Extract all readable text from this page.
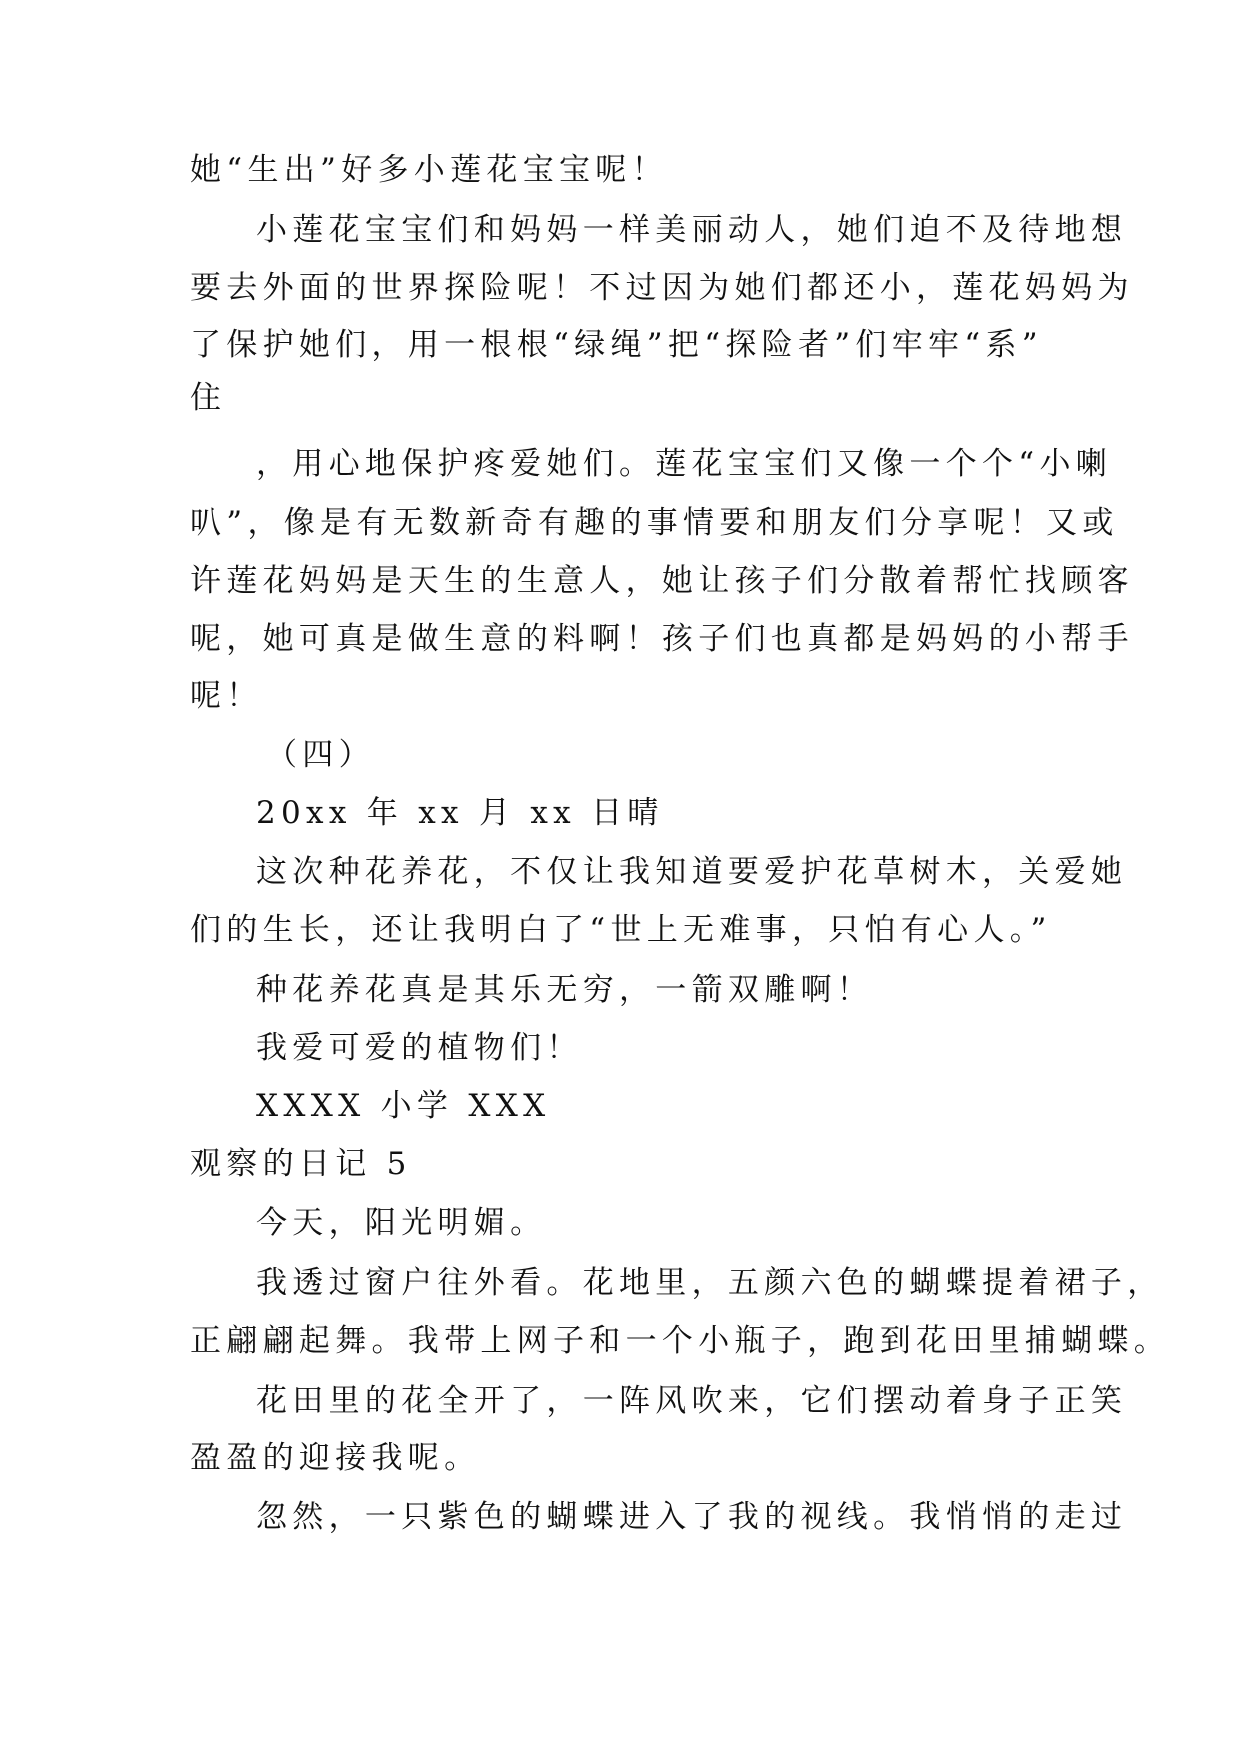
她“生出”好多小莲花宝宝呢！

小莲花宝宝们和妈妈一样美丽动人，她们迫不及待地想

要去外面的世界探险呢！不过因为她们都还小，莲花妈妈为

了保护她们，用一根根“绿绳”把“探险者”们牢牢“系”

住

，用心地保护疼爱她们。莲花宝宝们又像一个个“小喇

叭”，像是有无数新奇有趣的事情要和朋友们分享呢！又或

许莲花妈妈是天生的生意人，她让孩子们分散着帮忙找顾客

呢，她可真是做生意的料啊！孩子们也真都是妈妈的小帮手

呢！

（四）

20xx 年 xx 月 xx 日晴

这次种花养花，不仅让我知道要爱护花草树木，关爱她

们的生长，还让我明白了“世上无难事，只怕有心人。”

种花养花真是其乐无穷，一箭双雕啊！

我爱可爱的植物们！

XXXX 小学 XXX

观察的日记 5

今天，阳光明媚。

我透过窗户往外看。花地里，五颜六色的蝴蝶提着裙子，

正翩翩起舞。我带上网子和一个小瓶子，跑到花田里捕蝴蝶。

花田里的花全开了，一阵风吹来，它们摆动着身子正笑

盈盈的迎接我呢。

忽然，一只紫色的蝴蝶进入了我的视线。我悄悄的走过
